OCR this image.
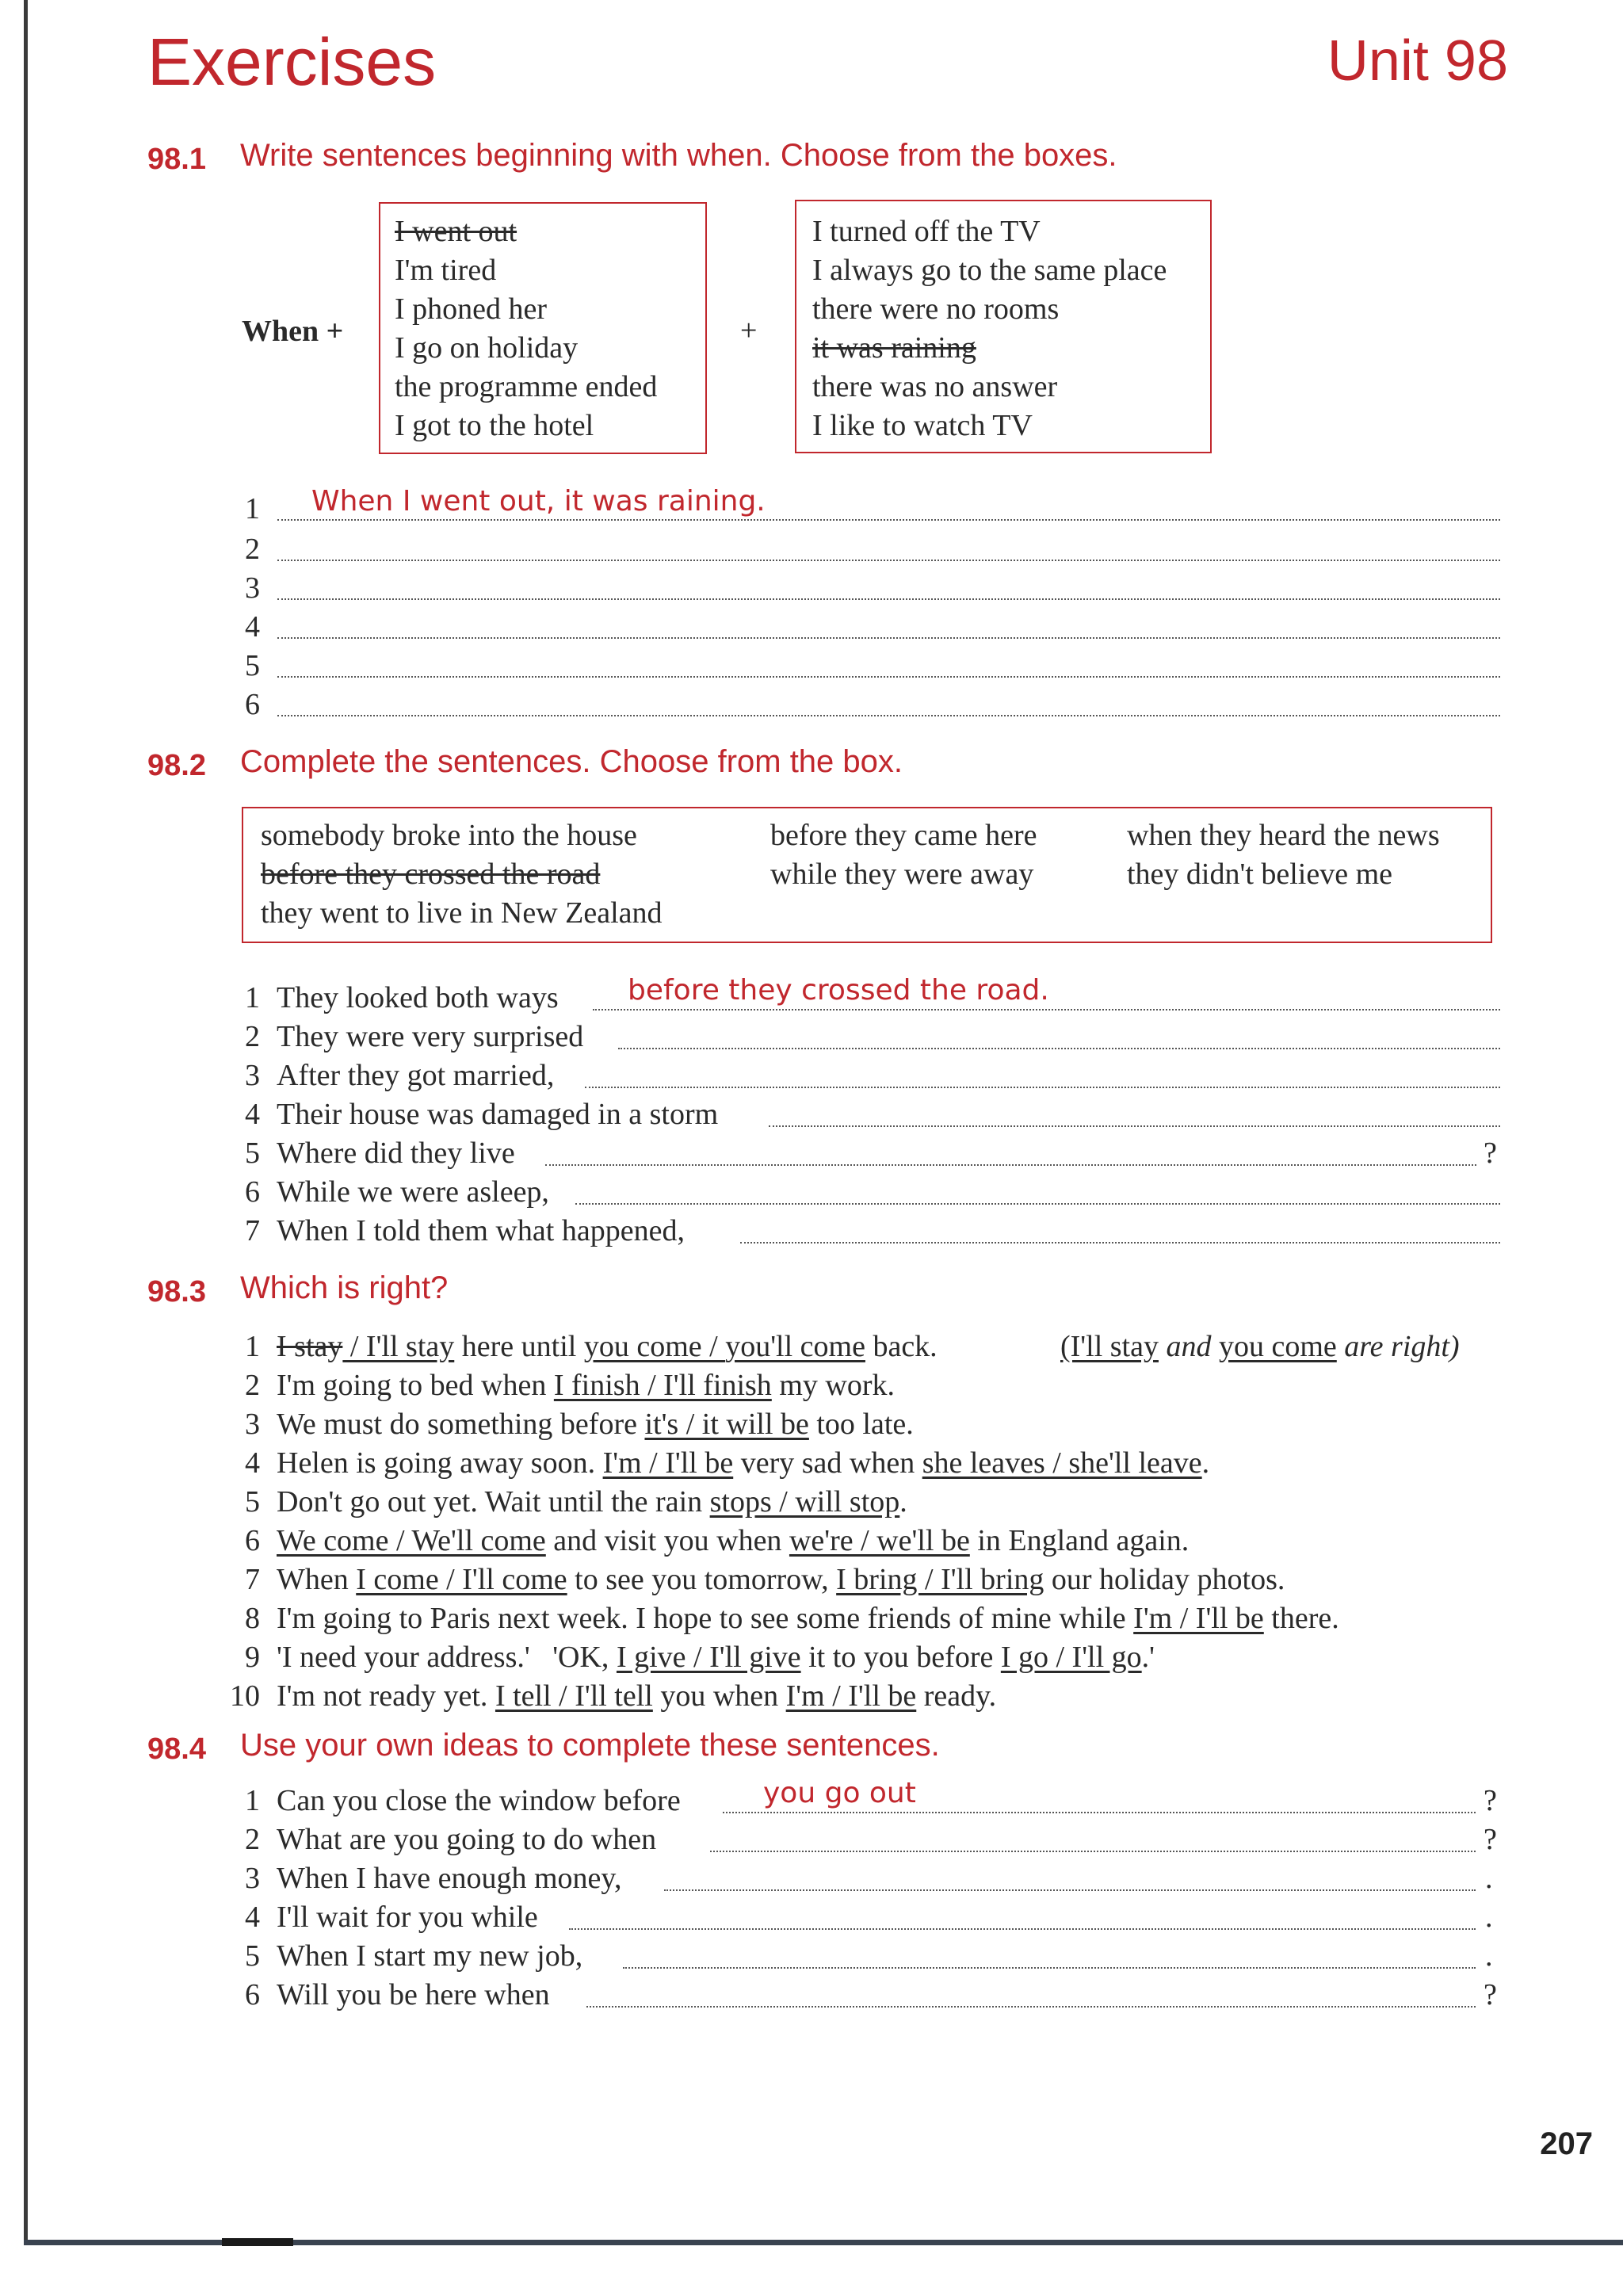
Exercises	Unit 98
98.1 Write sentences beginning with when. Choose from the boxes.
When +
I went out
I'm tired
I phoned her
I go on holiday
the programme ended
I got to the hotel
+
I turned off the TV
I always go to the same place
there were no rooms
it was raining
there was no answer
I like to watch TV
1 When I went out, it was raining.
2
3
4
5
6
98.2 Complete the sentences. Choose from the box.
somebody broke into the house
before they crossed the road
they went to live in New Zealand
before they came here
while they were away
when they heard the news
they didn't believe me
1 They looked both ways before they crossed the road.
2 They were very surprised
3 After they got married,
4 Their house was damaged in a storm
5 Where did they live	?
6 While we were asleep,
7 When I told them what happened,
98.3 Which is right?
1 I stay / I'll stay here until you come / you'll come back.	(I'll stay and you come are right)
2 I'm going to bed when I finish / I'll finish my work.
3 We must do something before it's / it will be too late.
4 Helen is going away soon. I'm / I'll be very sad when she leaves / she'll leave.
5 Don't go out yet. Wait until the rain stops / will stop.
6 We come / We'll come and visit you when we're / we'll be in England again.
7 When I come / I'll come to see you tomorrow, I bring / I'll bring our holiday photos.
8 I'm going to Paris next week. I hope to see some friends of mine while I'm / I'll be there.
9 'I need your address.'   'OK, I give / I'll give it to you before I go / I'll go.'
10 I'm not ready yet. I tell / I'll tell you when I'm / I'll be ready.
98.4 Use your own ideas to complete these sentences.
1 Can you close the window before	you go out	?
2 What are you going to do when	?
3 When I have enough money,	.
4 I'll wait for you while	.
5 When I start my new job,	.
6 Will you be here when	?
207
